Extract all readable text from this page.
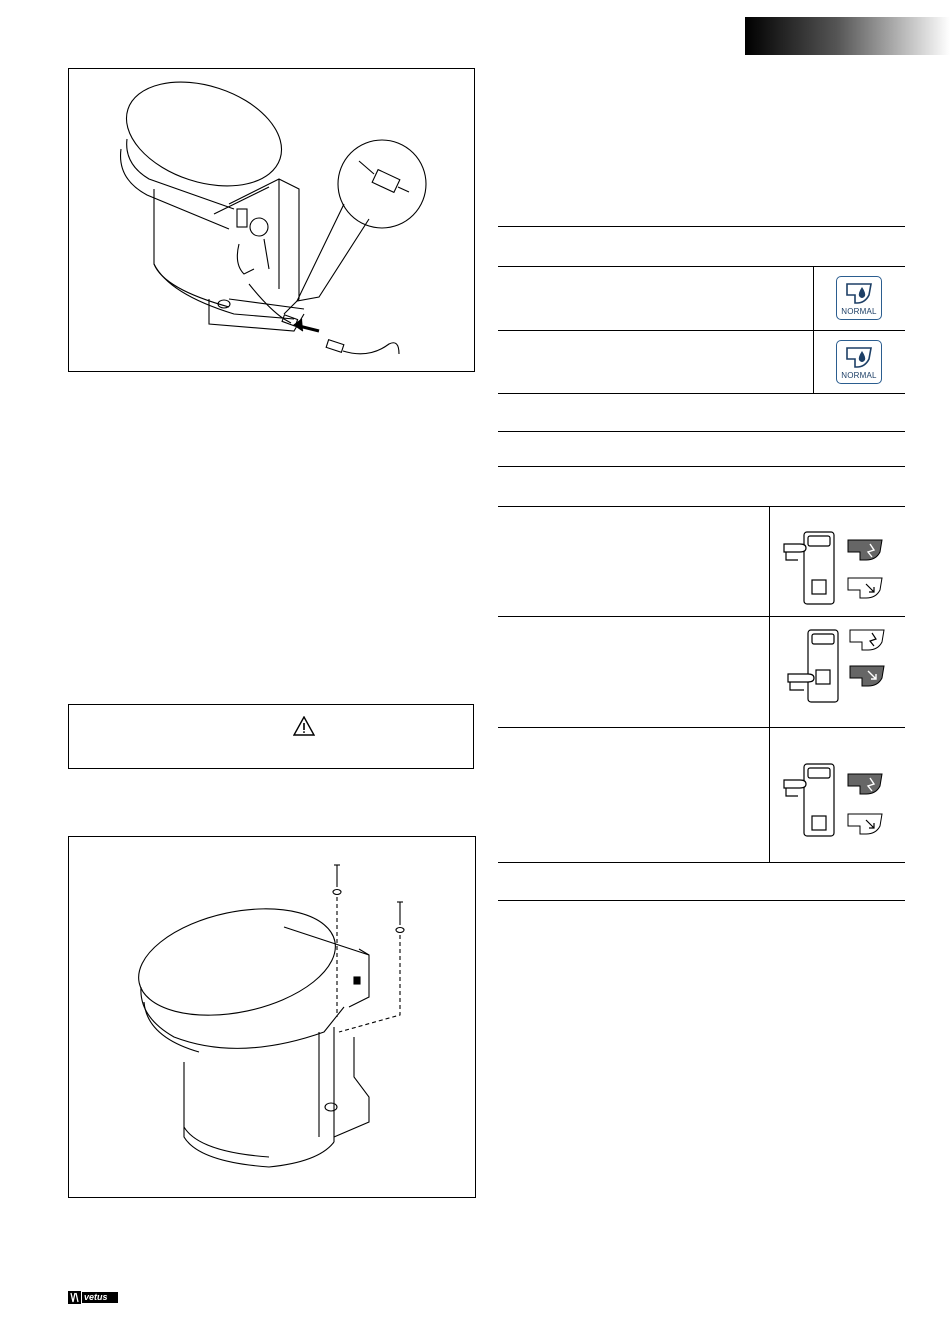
NORMAL
NORMAL
vetus
